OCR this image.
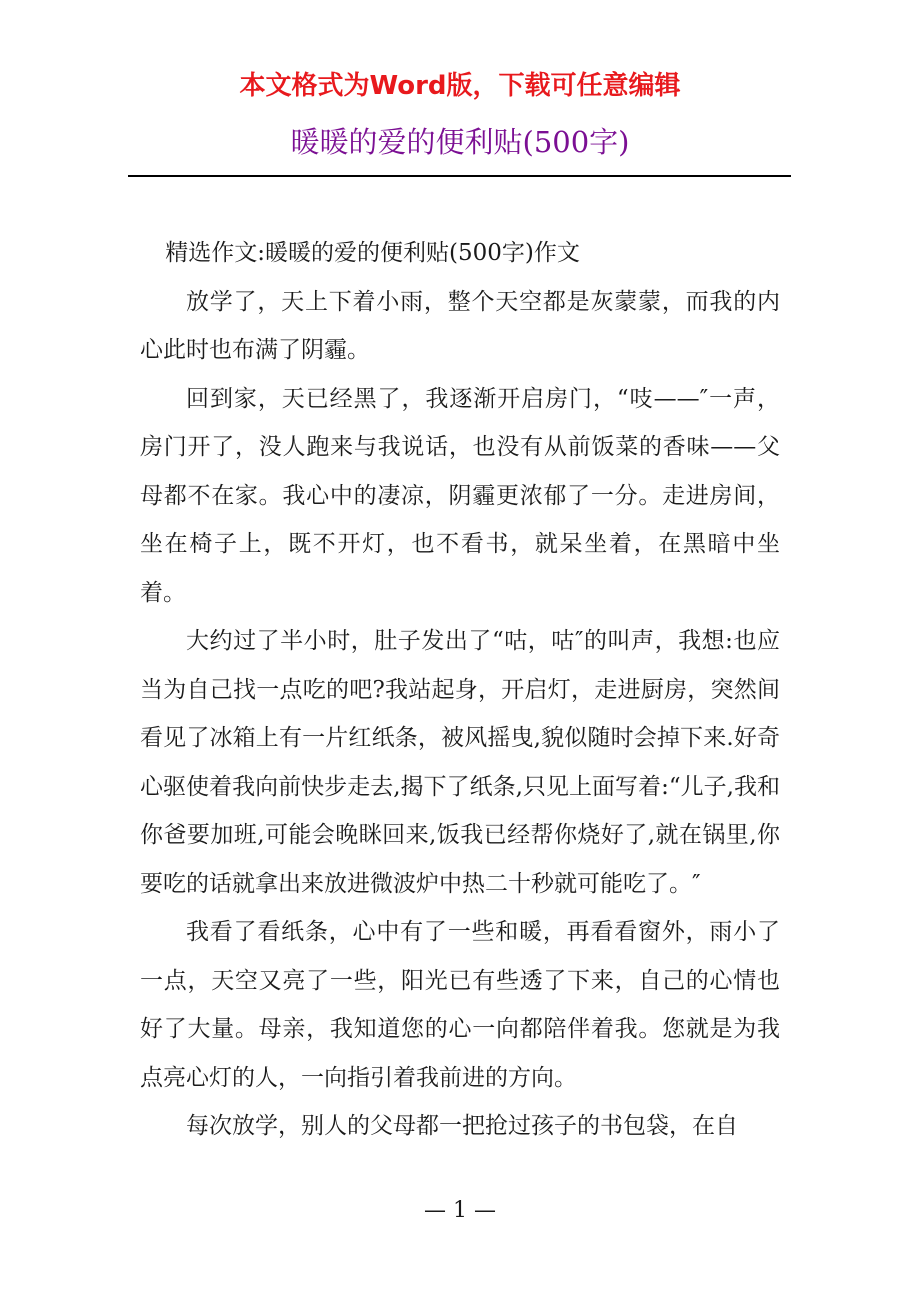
本文格式为Word版，下载可任意编辑
暖暖的爱的便利贴(500字)

精选作文:暖暖的爱的便利贴(500字)作文

放学了，天上下着小雨，整个天空都是灰蒙蒙，而我的内心此时也布满了阴霾。

回到家，天已经黑了，我逐渐开启房门，“吱——″一声，房门开了，没人跑来与我说话，也没有从前饭菜的香味——父母都不在家。我心中的凄凉，阴霾更浓郁了一分。走进房间，坐在椅子上，既不开灯，也不看书，就呆坐着，在黑暗中坐着。

大约过了半小时，肚子发出了“咕，咕″的叫声，我想:也应当为自己找一点吃的吧?我站起身，开启灯，走进厨房，突然间看见了冰箱上有一片红纸条，被风摇曳,貌似随时会掉下来.好奇心驱使着我向前快步走去,揭下了纸条,只见上面写着:“儿子,我和你爸要加班,可能会晚眯回来,饭我已经帮你烧好了,就在锅里,你要吃的话就拿出来放进微波炉中热二十秒就可能吃了。″

我看了看纸条，心中有了一些和暖，再看看窗外，雨小了一点，天空又亮了一些，阳光已有些透了下来，自己的心情也好了大量。母亲，我知道您的心一向都陪伴着我。您就是为我点亮心灯的人，一向指引着我前进的方向。

每次放学，别人的父母都一把抢过孩子的书包袋，在自

— 1 —
